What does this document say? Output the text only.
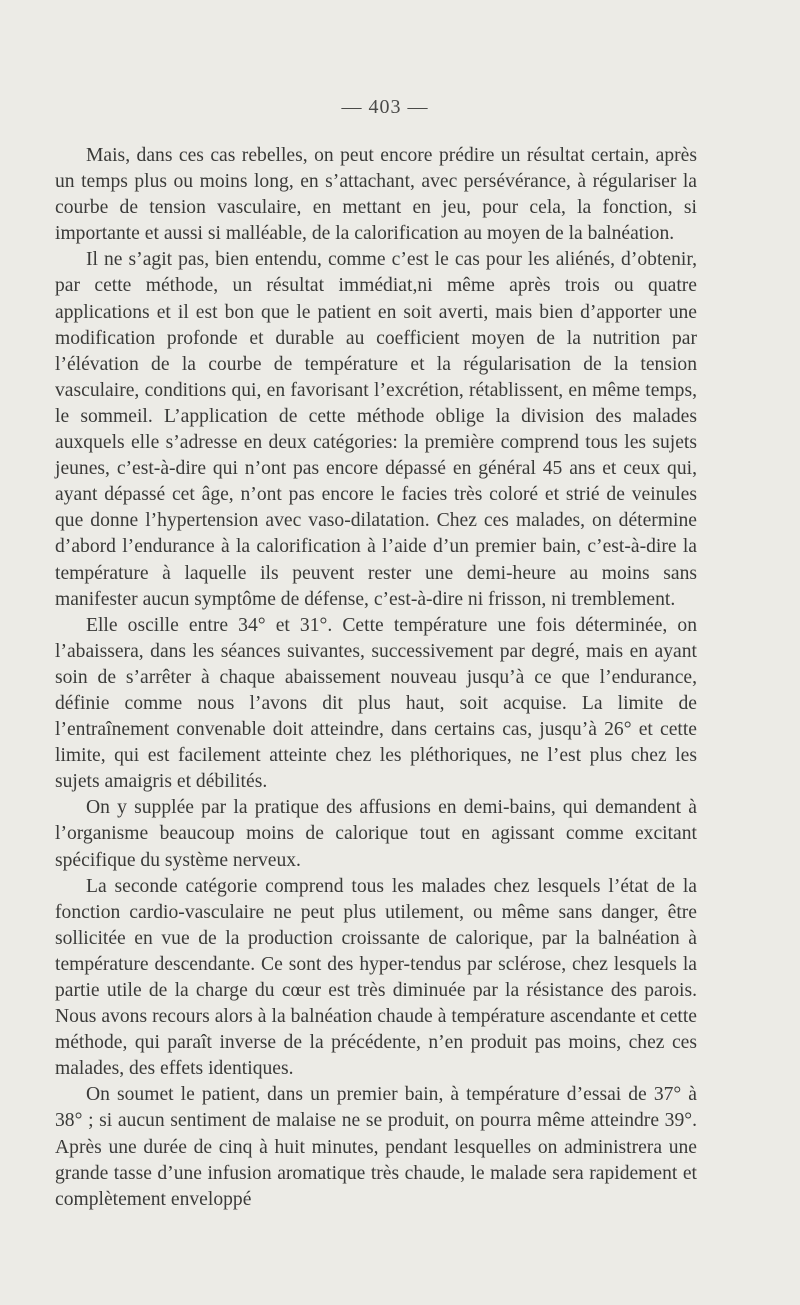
— 403 —

Mais, dans ces cas rebelles, on peut encore prédire un résultat certain, après un temps plus ou moins long, en s’attachant, avec persévérance, à régulariser la courbe de tension vasculaire, en mettant en jeu, pour cela, la fonction, si importante et aussi si malléable, de la calorification au moyen de la balnéation.

Il ne s’agit pas, bien entendu, comme c’est le cas pour les aliénés, d’obtenir, par cette méthode, un résultat immédiat,ni même après trois ou quatre applications et il est bon que le patient en soit averti, mais bien d’apporter une modification profonde et durable au coefficient moyen de la nutrition par l’élévation de la courbe de température et la régularisation de la tension vasculaire, conditions qui, en favorisant l’excrétion, rétablissent, en même temps, le sommeil. L’application de cette méthode oblige la division des malades auxquels elle s’adresse en deux catégories: la première comprend tous les sujets jeunes, c’est-à-dire qui n’ont pas encore dépassé en général 45 ans et ceux qui, ayant dépassé cet âge, n’ont pas encore le facies très coloré et strié de veinules que donne l’hypertension avec vaso-dilatation. Chez ces malades, on détermine d’abord l’endurance à la calorification à l’aide d’un premier bain, c’est-à-dire la température à laquelle ils peuvent rester une demi-heure au moins sans manifester aucun symptôme de défense, c’est-à-dire ni frisson, ni tremblement.

Elle oscille entre 34° et 31°. Cette température une fois déterminée, on l’abaissera, dans les séances suivantes, successivement par degré, mais en ayant soin de s’arrêter à chaque abaissement nouveau jusqu’à ce que l’endurance, définie comme nous l’avons dit plus haut, soit acquise. La limite de l’entraînement convenable doit atteindre, dans certains cas, jusqu’à 26° et cette limite, qui est facilement atteinte chez les pléthoriques, ne l’est plus chez les sujets amaigris et débilités.

On y supplée par la pratique des affusions en demi-bains, qui demandent à l’organisme beaucoup moins de calorique tout en agissant comme excitant spécifique du système nerveux.

La seconde catégorie comprend tous les malades chez lesquels l’état de la fonction cardio-vasculaire ne peut plus utilement, ou même sans danger, être sollicitée en vue de la production croissante de calorique, par la balnéation à température descendante. Ce sont des hyper-tendus par sclérose, chez lesquels la partie utile de la charge du cœur est très diminuée par la résistance des parois. Nous avons recours alors à la balnéation chaude à température ascendante et cette méthode, qui paraît inverse de la précédente, n’en produit pas moins, chez ces malades, des effets identiques.

On soumet le patient, dans un premier bain, à température d’essai de 37° à 38° ; si aucun sentiment de malaise ne se produit, on pourra même atteindre 39°. Après une durée de cinq à huit minutes, pendant lesquelles on administrera une grande tasse d’une infusion aromatique très chaude, le malade sera rapidement et complètement enveloppé
